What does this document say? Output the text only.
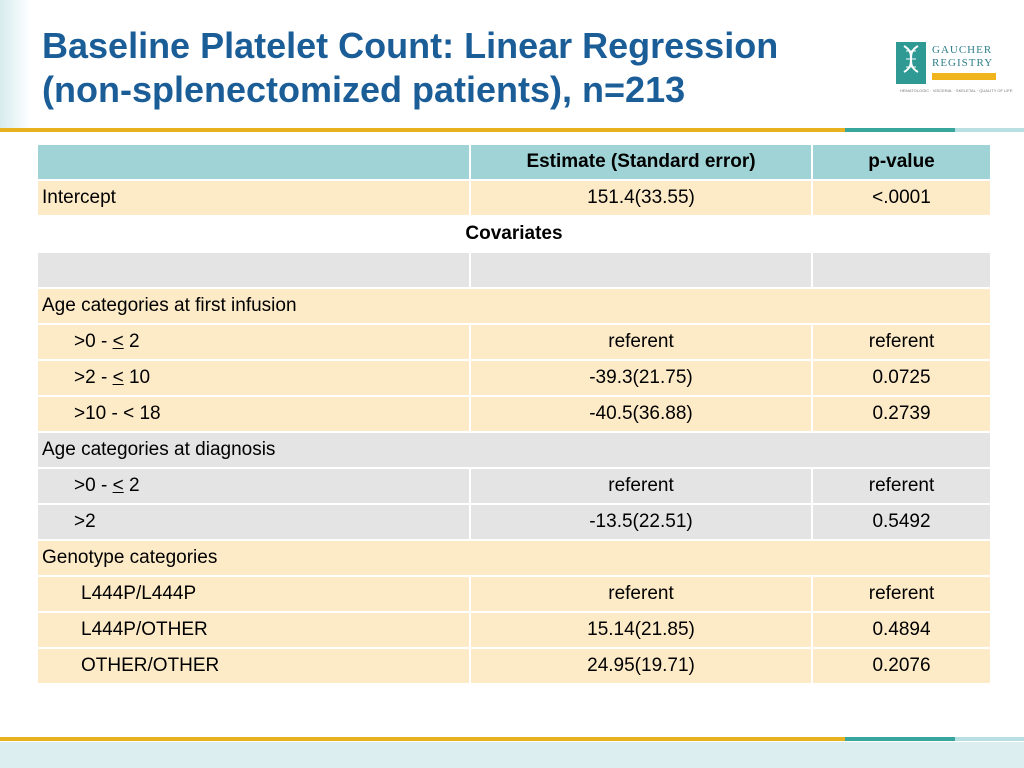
Baseline Platelet Count: Linear Regression
(non-splenectomized patients), n=213
GAUCHER
REGISTRY
HEMATOLOGIC · VISCERAL · SKELETAL · QUALITY OF LIFE
	Estimate (Standard error)	p-value
Intercept	151.4(33.55)	<.0001
Covariates		

Age categories at first infusion		
>0 - < 2	referent	referent
>2 - < 10	-39.3(21.75)	0.0725
>10 - < 18	-40.5(36.88)	0.2739
Age categories at diagnosis		
>0 - < 2	referent	referent
>2	-13.5(22.51)	0.5492
Genotype categories		
L444P/L444P	referent	referent
L444P/OTHER	15.14(21.85)	0.4894
OTHER/OTHER	24.95(19.71)	0.2076
